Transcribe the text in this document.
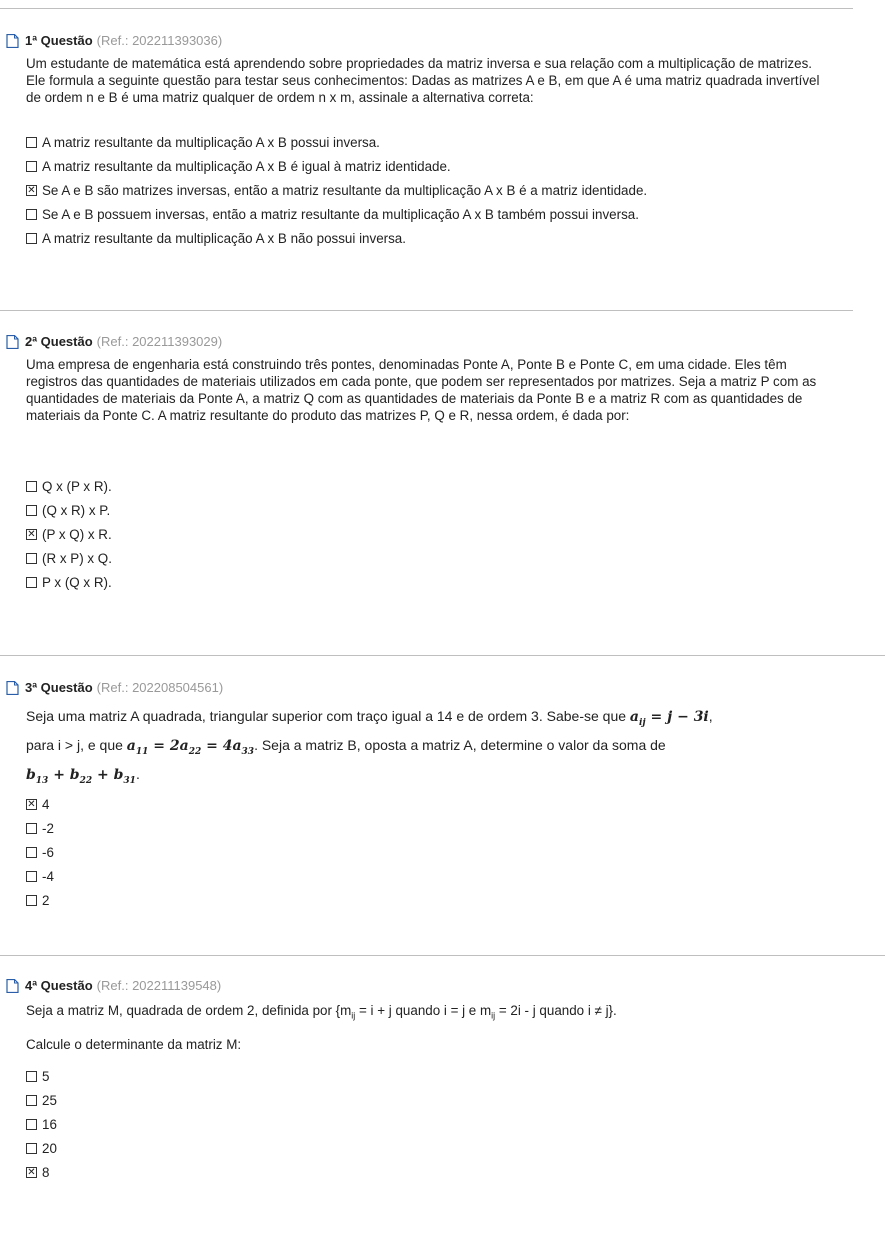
1ª Questão (Ref.: 202211393036)

Um estudante de matemática está aprendendo sobre propriedades da matriz inversa e sua relação com a multiplicação de matrizes. Ele formula a seguinte questão para testar seus conhecimentos: Dadas as matrizes A e B, em que A é uma matriz quadrada invertível de ordem n e B é uma matriz qualquer de ordem n x m, assinale a alternativa correta:

A matriz resultante da multiplicação A x B possui inversa.
A matriz resultante da multiplicação A x B é igual à matriz identidade.
✕ Se A e B são matrizes inversas, então a matriz resultante da multiplicação A x B é a matriz identidade.
Se A e B possuem inversas, então a matriz resultante da multiplicação A x B também possui inversa.
A matriz resultante da multiplicação A x B não possui inversa.
2ª Questão (Ref.: 202211393029)

Uma empresa de engenharia está construindo três pontes, denominadas Ponte A, Ponte B e Ponte C, em uma cidade. Eles têm registros das quantidades de materiais utilizados em cada ponte, que podem ser representados por matrizes. Seja a matriz P com as quantidades de materiais da Ponte A, a matriz Q com as quantidades de materiais da Ponte B e a matriz R com as quantidades de materiais da Ponte C. A matriz resultante do produto das matrizes P, Q e R, nessa ordem, é dada por:

Q x (P x R).
(Q x R) x P.
✕ (P x Q) x R.
(R x P) x Q.
P x (Q x R).
3ª Questão (Ref.: 202208504561)
Seja uma matriz A quadrada, triangular superior com traço igual a 14 e de ordem 3. Sabe-se que $a_{ij} = j - 3i$,
para i > j, e que $a_{11} = 2a_{22} = 4a_{33}$. Seja a matriz B, oposta a matriz A, determine o valor da soma de
$b_{13} + b_{22} + b_{31}$.
✕ 4
-2
-6
-4
2
4ª Questão (Ref.: 202211139548)
Seja a matriz M, quadrada de ordem 2, definida por {$m_{ij} = i + j$ quando i = j e $m_{ij} = 2i - j$ quando i ≠ j}.
Calcule o determinante da matriz M:
5
25
16
20
✕ 8
